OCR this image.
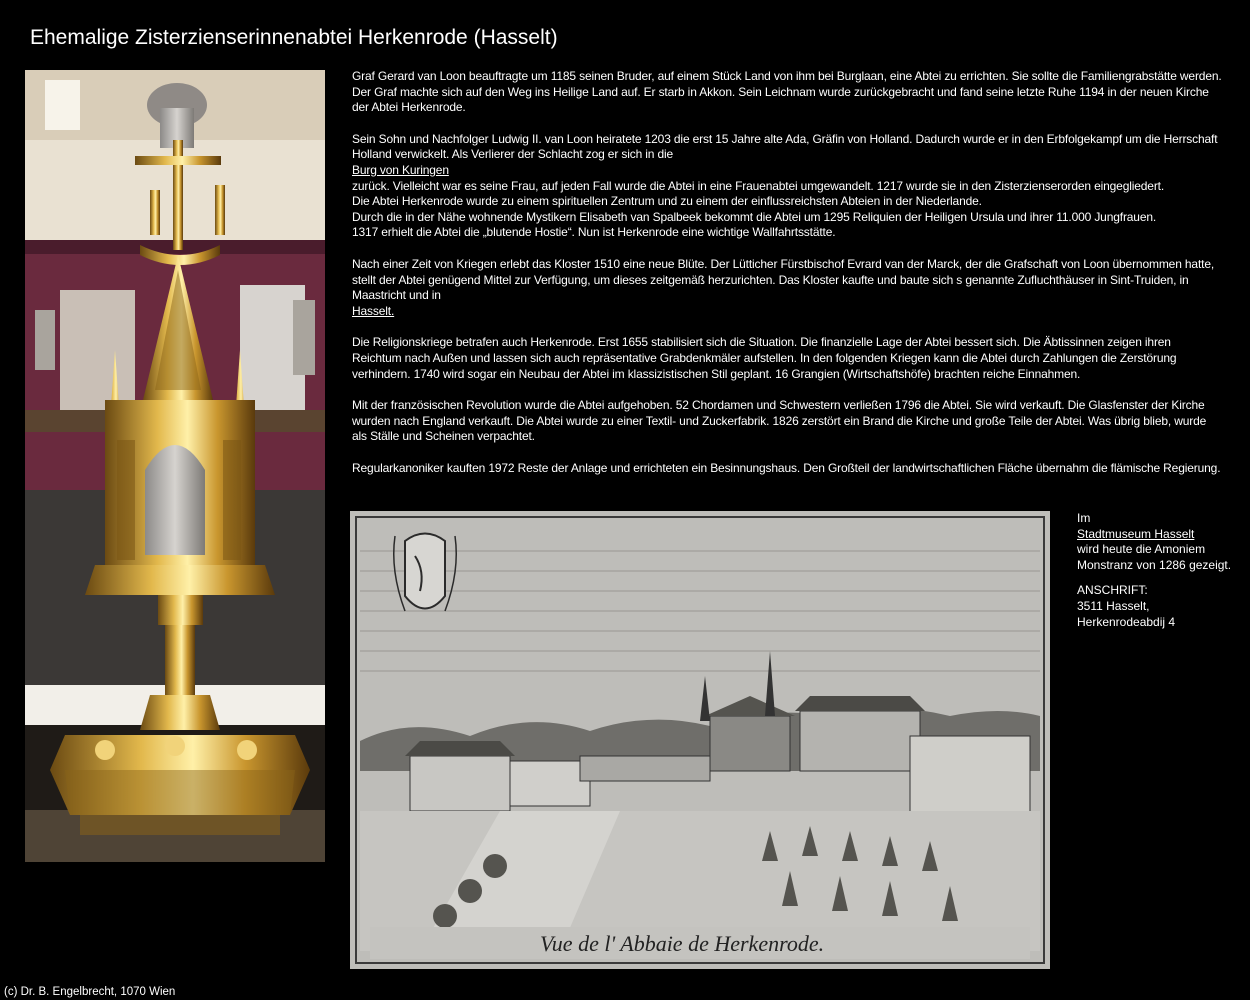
Ehemalige Zisterzienserinnenabtei Herkenrode (Hasselt)

Graf Gerard van Loon beauftragte um 1185 seinen Bruder, auf einem Stück Land von ihm bei Burglaan, eine Abtei zu errichten. Sie sollte die Familiengrabstätte werden. Der Graf machte sich auf den Weg ins Heilige Land auf. Er starb in Akkon. Sein Leichnam wurde zurückgebracht und fand seine letzte Ruhe 1194 in der neuen Kirche der Abtei Herkenrode.

Sein Sohn und Nachfolger Ludwig II. van Loon heiratete 1203 die erst 15 Jahre alte Ada, Gräfin von Holland. Dadurch wurde er in den Erbfolgekampf um die Herrschaft Holland verwickelt. Als Verlierer der Schlacht zog er sich in die
Burg von Kuringen
zurück. Vielleicht war es seine Frau, auf jeden Fall wurde die Abtei in eine Frauenabtei umgewandelt. 1217 wurde sie in den Zisterzienserorden eingegliedert.
Die Abtei Herkenrode wurde zu einem spirituellen Zentrum und zu einem der einflussreichsten Abteien in der Niederlande.
Durch die in der Nähe wohnende Mystikern Elisabeth van Spalbeek bekommt die Abtei um 1295 Reliquien der Heiligen Ursula und ihrer 11.000 Jungfrauen.
1317 erhielt die Abtei die „blutende Hostie“. Nun ist Herkenrode eine wichtige Wallfahrtsstätte.

Nach einer Zeit von Kriegen erlebt das Kloster 1510 eine neue Blüte. Der Lütticher Fürstbischof Evrard van der Marck, der die Grafschaft von Loon übernommen hatte, stellt der Abtei genügend Mittel zur Verfügung, um dieses zeitgemäß herzurichten. Das Kloster kaufte und baute sich s genannte Zufluchthäuser in Sint-Truiden, in Maastricht und in
Hasselt.

Die Religionskriege betrafen auch Herkenrode. Erst 1655 stabilisiert sich die Situation. Die finanzielle Lage der Abtei bessert sich. Die Äbtissinnen zeigen ihren Reichtum nach Außen und lassen sich auch repräsentative Grabdenkmäler aufstellen. In den folgenden Kriegen kann die Abtei durch Zahlungen die Zerstörung verhindern. 1740 wird sogar ein Neubau der Abtei im klassizistischen Stil geplant. 16 Grangien (Wirtschaftshöfe) brachten reiche Einnahmen.

Mit der französischen Revolution wurde die Abtei aufgehoben. 52 Chordamen und Schwestern verließen 1796 die Abtei. Sie wird verkauft. Die Glasfenster der Kirche wurden nach England verkauft. Die Abtei wurde zu einer Textil- und Zuckerfabrik. 1826 zerstört ein Brand die Kirche und große Teile der Abtei. Was übrig blieb, wurde als Ställe und Scheinen verpachtet.

Regularkanoniker kauften 1972 Reste der Anlage und errichteten ein Besinnungshaus. Den Großteil der landwirtschaftlichen Fläche übernahm die flämische Regierung.

Vue de l' Abbaie de Herkenrode.

Im
Stadtmuseum Hasselt
wird heute die Amoniem Monstranz von 1286 gezeigt.

ANSCHRIFT:
3511 Hasselt,
Herkenrodeabdij 4

(c) Dr. B. Engelbrecht, 1070 Wien
